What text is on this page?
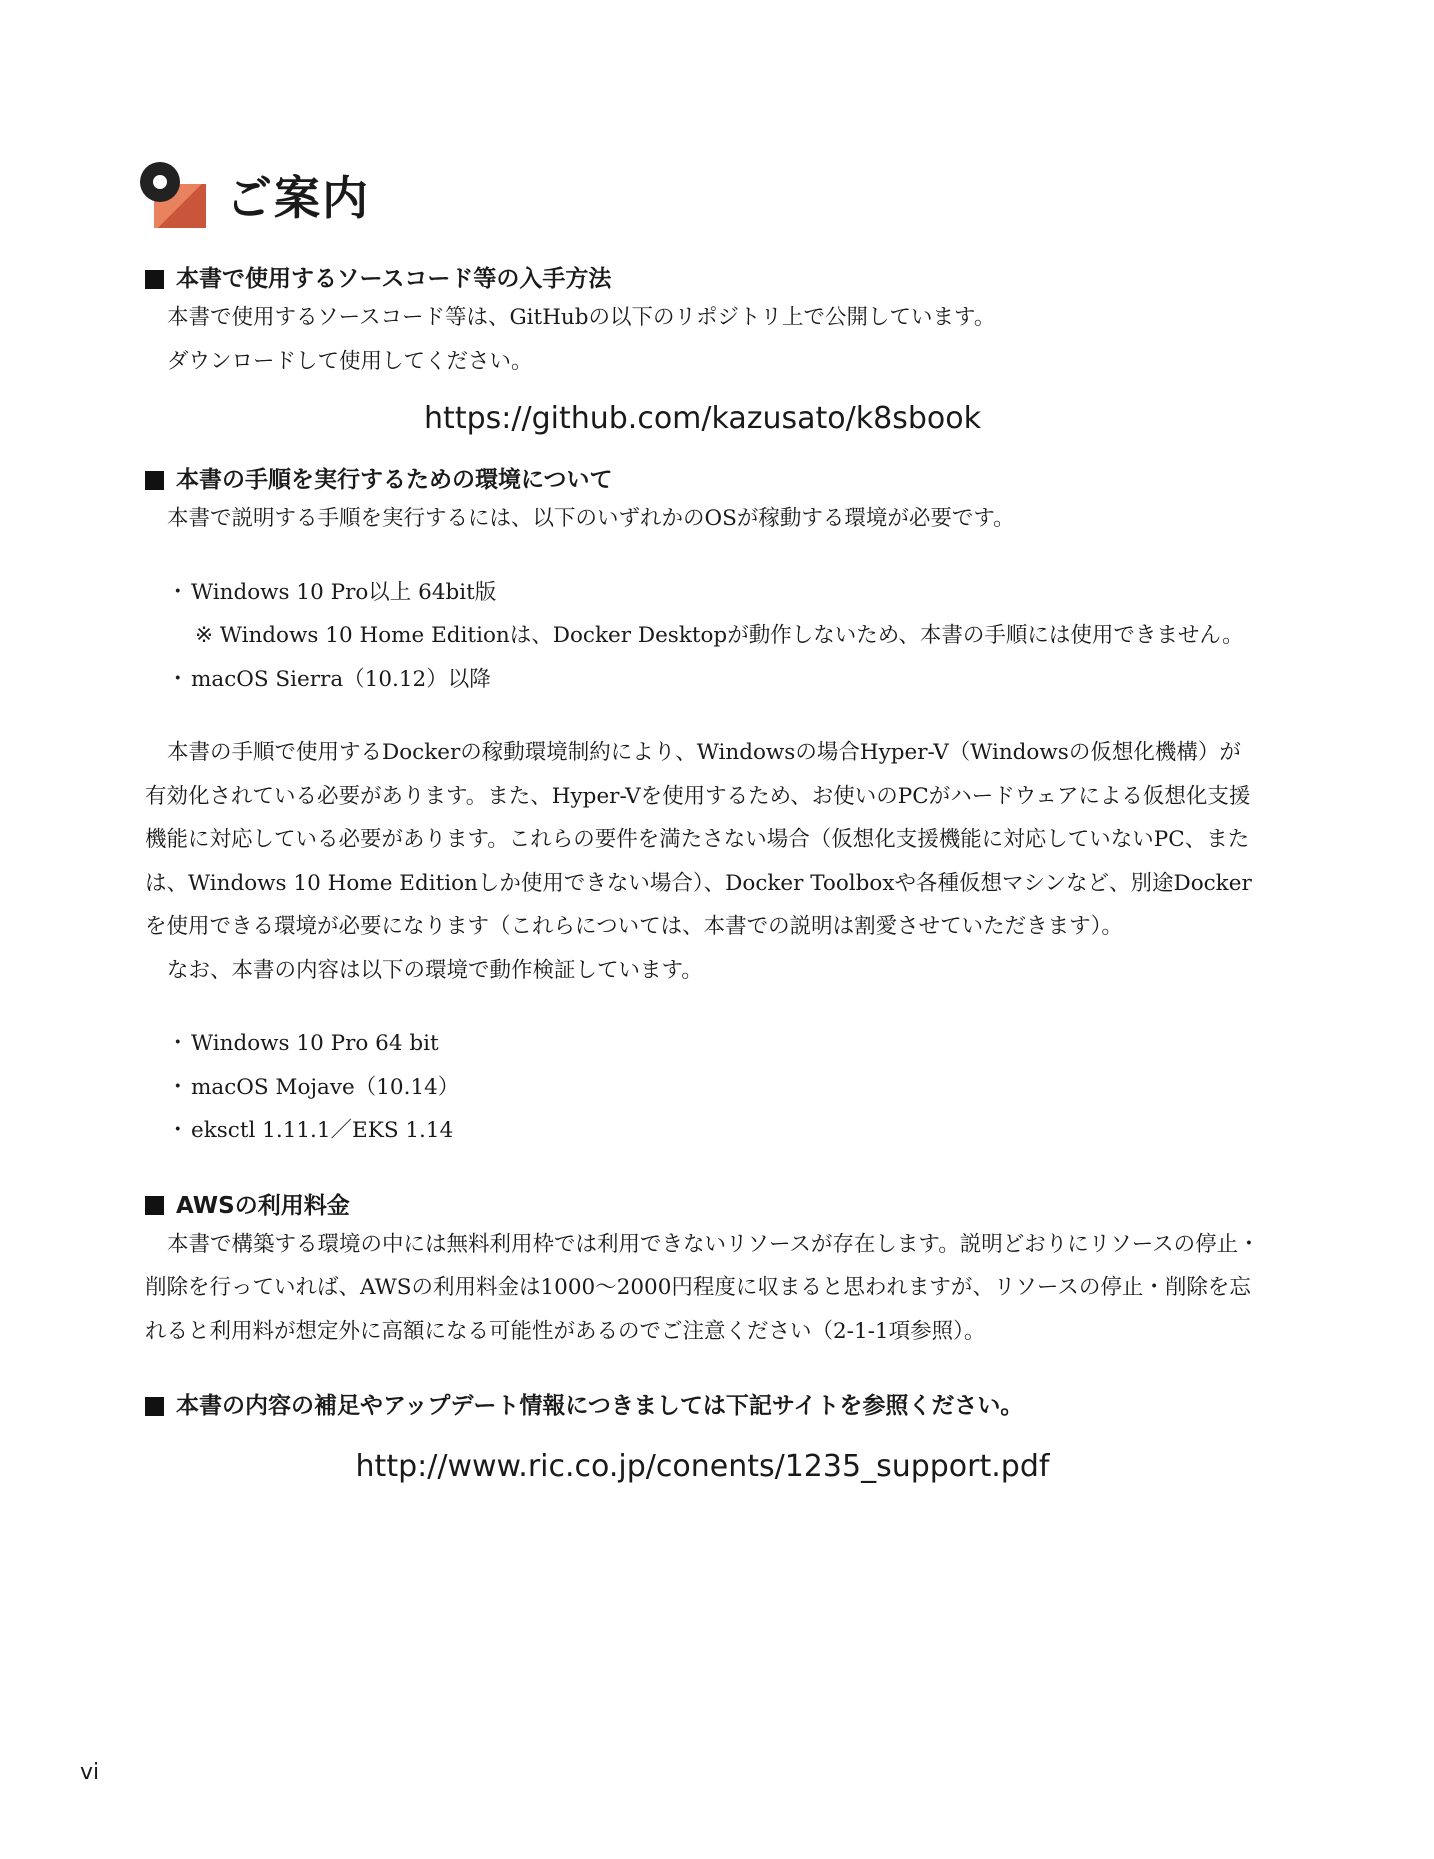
ご案内
本書で使用するソースコード等の入手方法

本書で使用するソースコード等は、GitHubの以下のリポジトリ上で公開しています。

ダウンロードして使用してください。

https://github.com/kazusato/k8sbook

本書の手順を実行するための環境について

本書で説明する手順を実行するには、以下のいずれかのOSが稼動する環境が必要です。

・ Windows 10 Pro以上 64bit版

※ Windows 10 Home Editionは、Docker Desktopが動作しないため、本書の手順には使用できません。

・ macOS Sierra（10.12）以降

本書の手順で使用するDockerの稼動環境制約により、Windowsの場合Hyper-V（Windowsの仮想化機構）が有効化されている必要があります。また、Hyper-Vを使用するため、お使いのPCがハードウェアによる仮想化支援機能に対応している必要があります。これらの要件を満たさない場合（仮想化支援機能に対応していないPC、または、Windows 10 Home Editionしか使用できない場合）、Docker Toolboxや各種仮想マシンなど、別途Dockerを使用できる環境が必要になります（これらについては、本書での説明は割愛させていただきます）。

なお、本書の内容は以下の環境で動作検証しています。

・ Windows 10 Pro 64 bit
・ macOS Mojave（10.14）
・ eksctl 1.11.1／EKS 1.14
AWSの利用料金

本書で構築する環境の中には無料利用枠では利用できないリソースが存在します。説明どおりにリソースの停止・削除を行っていれば、AWSの利用料金は1000～2000円程度に収まると思われますが、リソースの停止・削除を忘れると利用料が想定外に高額になる可能性があるのでご注意ください（2-1-1項参照）。

本書の内容の補足やアップデート情報につきましては下記サイトを参照ください。

http://www.ric.co.jp/conents/1235_support.pdf

vi
